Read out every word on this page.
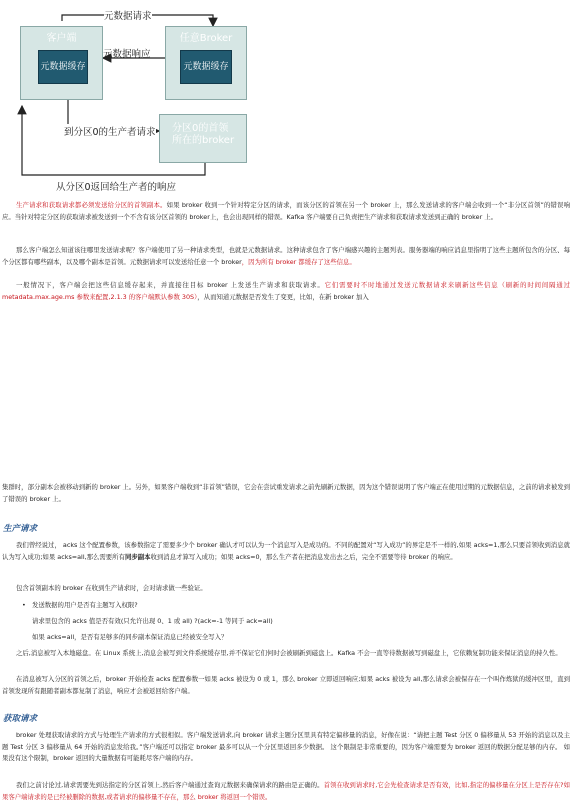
客户端
元数据缓存
任意Broker
元数据缓存
分区0的首领所在的broker
元数据请求
元数据响应
到分区0的生产者请求
从分区0返回给生产者的响应

生产请求和获取请求都必须发送给分区的首领副本。如果 broker 收到一个针对特定分区的请求，而该分区的首领在另一个 broker 上，那么发送请求的客户端会收到一个“非分区首领”的错误响应。当针对特定分区的获取请求被发送到一个不含有该分区首领的 broker上，也会出现同样的错误。Kafka 客户端要自己负责把生产请求和获取请求发送到正确的 broker 上。

那么客户端怎么知道该往哪里发送请求呢？客户端使用了另一种请求类型，也就是元数据请求。这种请求包含了客户端感兴趣的主题列表。服务器端的响应消息里指明了这些主题所包含的分区、每个分区都有哪些副本，以及哪个副本是首领。元数据请求可以发送给任意一个 broker，因为所有 broker 都缓存了这些信息。

一般情况下，客户端会把这些信息缓存起来，并直接往目标 broker 上发送生产请求和获取请求。它们需要时不时地通过发送元数据请求来刷新这些信息（刷新的时间间隔通过 metadata.max.age.ms 参数来配置,2.1.3 的客户端默认参数 30S），从而知道元数据是否发生了变更，比如，在新 broker 加入

集群时，部分副本会被移动到新的 broker 上。另外，如果客户端收到“非首领”错误，它会在尝试重发请求之前先刷新元数据，因为这个错误说明了客户端正在使用过期的元数据信息，之前的请求被发到了错误的 broker 上。

生产请求

我们曾经说过， acks 这个配置参数，该参数指定了需要多少个 broker 确认才可以认为一个消息写入是成功的。不同的配置对“写入成功”的界定是不一样的,如果 acks=1,那么只要首领收到消息就认为写入成功;如果 acks=all,那么需要所有同步副本收到消息才算写入成功；如果 acks=0，那么生产者在把消息发出去之后，完全不需要等待 broker 的响应。

包含首领副本的 broker 在收到生产请求时，会对请求做一些验证。

• 发送数据的用户是否有主题写入权限?

请求里包含的 acks 值是否有效(只允许出现 0、1 或 all) ?(ack=-1 等同于 ack=all)

如果 acks=all，是否有足够多的同步副本保证消息已经被安全写入？

之后,消息被写入本地磁盘。在 Linux 系统上,消息会被写到文件系统缓存里,并不保证它们何时会被刷新到磁盘上。Kafka 不会一直等待数据被写到磁盘上，它依赖复制功能来保证消息的持久性。

在消息被写入分区的首领之后，broker 开始检查 acks 配置参数一如果 acks 被设为 0 或 1，那么 broker 立即返回响应;如果 acks 被设为 all,那么请求会被保存在一个叫作炼狱的缓冲区里，直到首领发现所有跟随者副本都复制了消息，响应才会被返回给客户端。

获取请求

broker 处理获取请求的方式与处理生产请求的方式很相似。客户端发送请求,向 broker 请求主题分区里具有特定偏移量的消息，好像在说：“请把主题 Test 分区 0 偏移量从 53 开始的消息以及主题 Test 分区 3 偏移量从 64 开始的消息发给我。”客户端还可以指定 broker 最多可以从一个分区里返回多少数据。 这个限制是非常重要的，因为客户端需要为 broker 返回的数据分配足够的内存。 如果没有这个限制，broker 返回的大量数据有可能耗尽客户端的内存。

我们之前讨论过,请求需要先到达指定的分区首领上,然后客户端通过查询元数据来确保请求的路由是正确的。首领在收到请求时,它会先检查请求是否有效，比如,指定的偏移量在分区上是否存在?如果客户端请求的是已经被删除的数据,或者请求的偏移量不存在，那么 broker 将返回一个错误。
